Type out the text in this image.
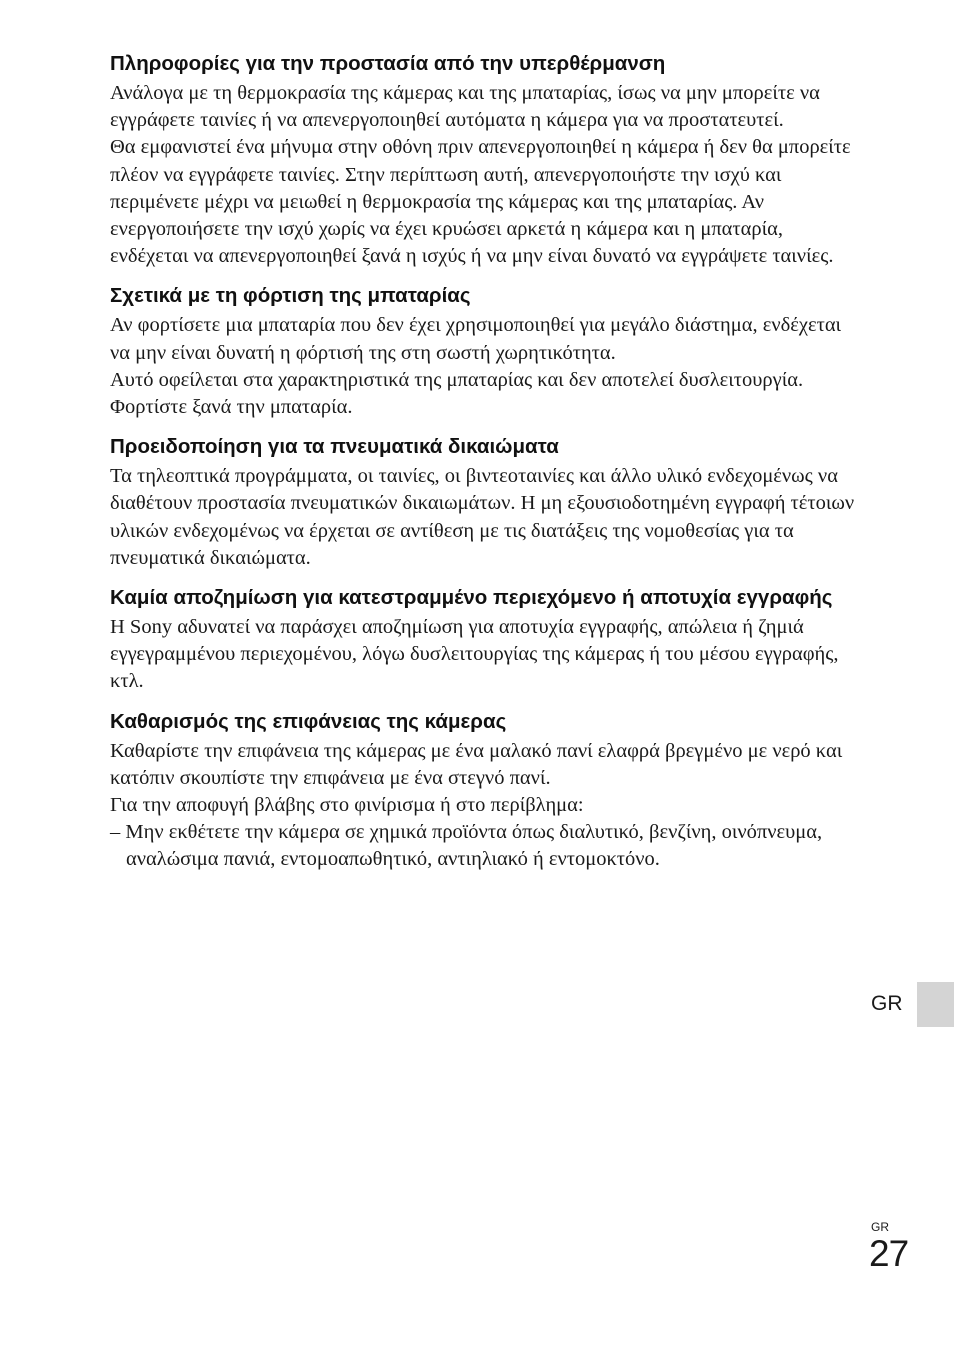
Πληροφορίες για την προστασία από την υπερθέρμανση

Ανάλογα με τη θερμοκρασία της κάμερας και της μπαταρίας, ίσως να μην μπορείτε να εγγράφετε ταινίες ή να απενεργοποιηθεί αυτόματα η κάμερα για να προστατευτεί.

Θα εμφανιστεί ένα μήνυμα στην οθόνη πριν απενεργοποιηθεί η κάμερα ή δεν θα μπορείτε πλέον να εγγράφετε ταινίες. Στην περίπτωση αυτή, απενεργοποιήστε την ισχύ και περιμένετε μέχρι να μειωθεί η θερμοκρασία της κάμερας και της μπαταρίας. Αν ενεργοποιήσετε την ισχύ χωρίς να έχει κρυώσει αρκετά η κάμερα και η μπαταρία, ενδέχεται να απενεργοποιηθεί ξανά η ισχύς ή να μην είναι δυνατό να εγγράψετε ταινίες.

Σχετικά με τη φόρτιση της μπαταρίας

Αν φορτίσετε μια μπαταρία που δεν έχει χρησιμοποιηθεί για μεγάλο διάστημα, ενδέχεται να μην είναι δυνατή η φόρτισή της στη σωστή χωρητικότητα.

Αυτό οφείλεται στα χαρακτηριστικά της μπαταρίας και δεν αποτελεί δυσλειτουργία. Φορτίστε ξανά την μπαταρία.

Προειδοποίηση για τα πνευματικά δικαιώματα

Τα τηλεοπτικά προγράμματα, οι ταινίες, οι βιντεοταινίες και άλλο υλικό ενδεχομένως να διαθέτουν προστασία πνευματικών δικαιωμάτων. Η μη εξουσιοδοτημένη εγγραφή τέτοιων υλικών ενδεχομένως να έρχεται σε αντίθεση με τις διατάξεις της νομοθεσίας για τα πνευματικά δικαιώματα.

Καμία αποζημίωση για κατεστραμμένο περιεχόμενο ή αποτυχία εγγραφής

Η Sony αδυνατεί να παράσχει αποζημίωση για αποτυχία εγγραφής, απώλεια ή ζημιά εγγεγραμμένου περιεχομένου, λόγω δυσλειτουργίας της κάμερας ή του μέσου εγγραφής, κτλ.

Καθαρισμός της επιφάνειας της κάμερας

Καθαρίστε την επιφάνεια της κάμερας με ένα μαλακό πανί ελαφρά βρεγμένο με νερό και κατόπιν σκουπίστε την επιφάνεια με ένα στεγνό πανί.

Για την αποφυγή βλάβης στο φινίρισμα ή στο περίβλημα:

– Μην εκθέτετε την κάμερα σε χημικά προϊόντα όπως διαλυτικό, βενζίνη, οινόπνευμα, αναλώσιμα πανιά, εντομοαπωθητικό, αντιηλιακό ή εντομοκτόνο.

GR
GR
27
